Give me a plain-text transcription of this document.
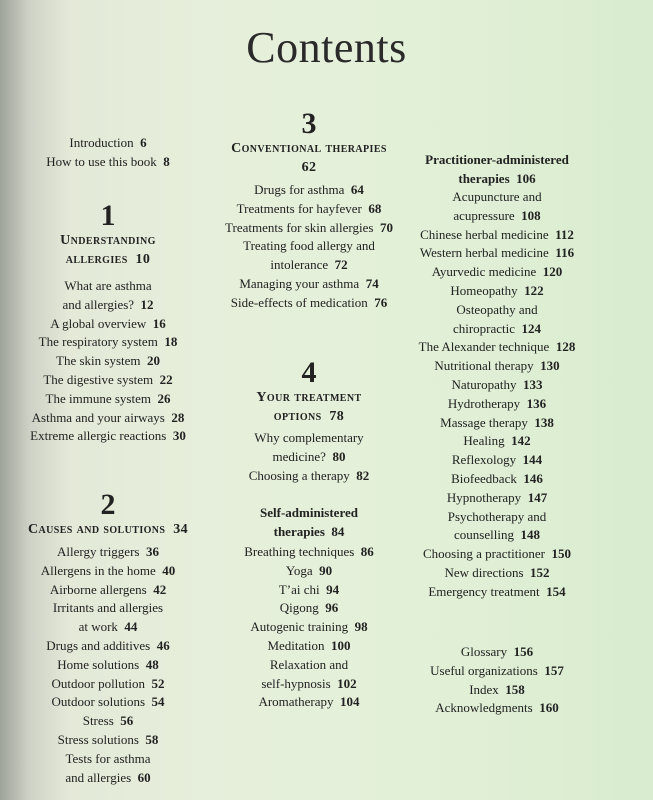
Contents
Introduction 6
How to use this book 8
1
Understanding
allergies 10
What are asthma
and allergies? 12
A global overview 16
The respiratory system 18
The skin system 20
The digestive system 22
The immune system 26
Asthma and your airways 28
Extreme allergic reactions 30
2
Causes and solutions 34
Allergy triggers 36
Allergens in the home 40
Airborne allergens 42
Irritants and allergies
at work 44
Drugs and additives 46
Home solutions 48
Outdoor pollution 52
Outdoor solutions 54
Stress 56
Stress solutions 58
Tests for asthma
and allergies 60
3
Conventional therapies
62
Drugs for asthma 64
Treatments for hayfever 68
Treatments for skin allergies 70
Treating food allergy and
intolerance 72
Managing your asthma 74
Side-effects of medication 76
4
Your treatment
options 78
Why complementary
medicine? 80
Choosing a therapy 82
Self-administered
therapies 84
Breathing techniques 86
Yoga 90
T’ai chi 94
Qigong 96
Autogenic training 98
Meditation 100
Relaxation and
self-hypnosis 102
Aromatherapy 104
Practitioner-administered
therapies 106
Acupuncture and
acupressure 108
Chinese herbal medicine 112
Western herbal medicine 116
Ayurvedic medicine 120
Homeopathy 122
Osteopathy and
chiropractic 124
The Alexander technique 128
Nutritional therapy 130
Naturopathy 133
Hydrotherapy 136
Massage therapy 138
Healing 142
Reflexology 144
Biofeedback 146
Hypnotherapy 147
Psychotherapy and
counselling 148
Choosing a practitioner 150
New directions 152
Emergency treatment 154
Glossary 156
Useful organizations 157
Index 158
Acknowledgments 160
